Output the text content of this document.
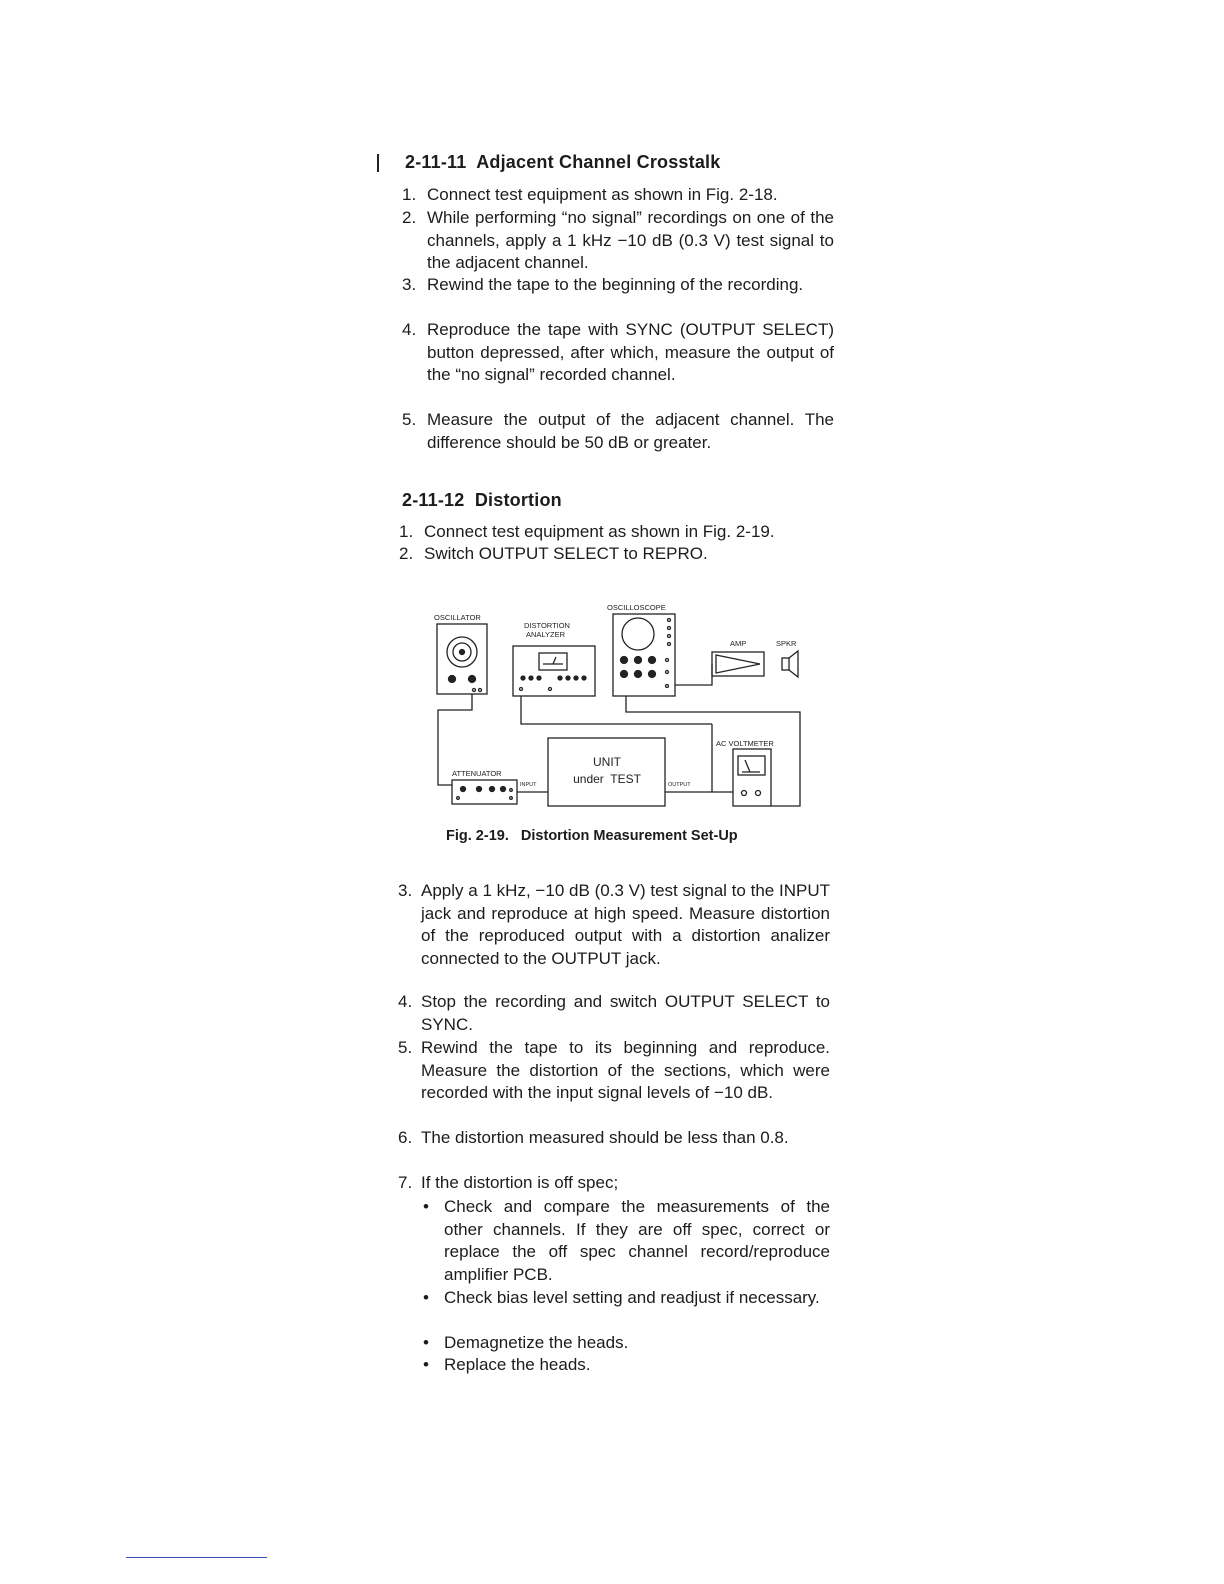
2-11-11  Adjacent Channel Crosstalk
1. Connect test equipment as shown in Fig. 2-18.
2. While performing “no signal” recordings on one of the channels, apply a 1 kHz −10 dB (0.3 V) test signal to the adjacent channel.
3. Rewind the tape to the beginning of the recording.
4. Reproduce the tape with SYNC (OUTPUT SELECT) button depressed, after which, measure the output of the “no signal” recorded channel.
5. Measure the output of the adjacent channel. The difference should be 50 dB or greater.
2-11-12  Distortion
1. Connect test equipment as shown in Fig. 2-19.
2. Switch OUTPUT SELECT to REPRO.
OSCILLATOR
DISTORTION
ANALYZER
OSCILLOSCOPE
AMP	SPKR
AC VOLTMETER
ATTENUATOR
INPUT	OUTPUT
UNIT
under  TEST
Fig. 2-19.   Distortion Measurement Set-Up
3. Apply a 1 kHz, −10 dB (0.3 V) test signal to the INPUT jack and reproduce at high speed. Measure distortion of the reproduced output with a distortion analizer connected to the OUTPUT jack.
4. Stop the recording and switch OUTPUT SELECT to SYNC.
5. Rewind the tape to its beginning and reproduce. Measure the distortion of the sections, which were recorded with the input signal levels of −10 dB.
6. The distortion measured should be less than 0.8.
7. If the distortion is off spec;
• Check and compare the measurements of the other channels. If they are off spec, correct or replace the off spec channel record/reproduce amplifier PCB.
• Check bias level setting and readjust if necessary.
• Demagnetize the heads.
• Replace the heads.
